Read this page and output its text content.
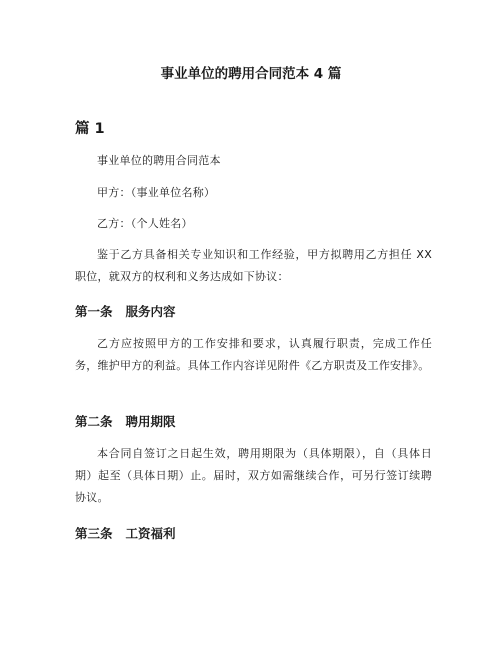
事业单位的聘用合同范本 4 篇
篇 1

事业单位的聘用合同范本

甲方：（事业单位名称）

乙方：（个人姓名）

鉴于乙方具备相关专业知识和工作经验，甲方拟聘用乙方担任 XX 职位，就双方的权利和义务达成如下协议：

第一条   服务内容

乙方应按照甲方的工作安排和要求，认真履行职责，完成工作任务，维护甲方的利益。具体工作内容详见附件《乙方职责及工作安排》。

第二条   聘用期限

本合同自签订之日起生效，聘用期限为（具体期限），自（具体日期）起至（具体日期）止。届时，双方如需继续合作，可另行签订续聘协议。

第三条   工资福利
